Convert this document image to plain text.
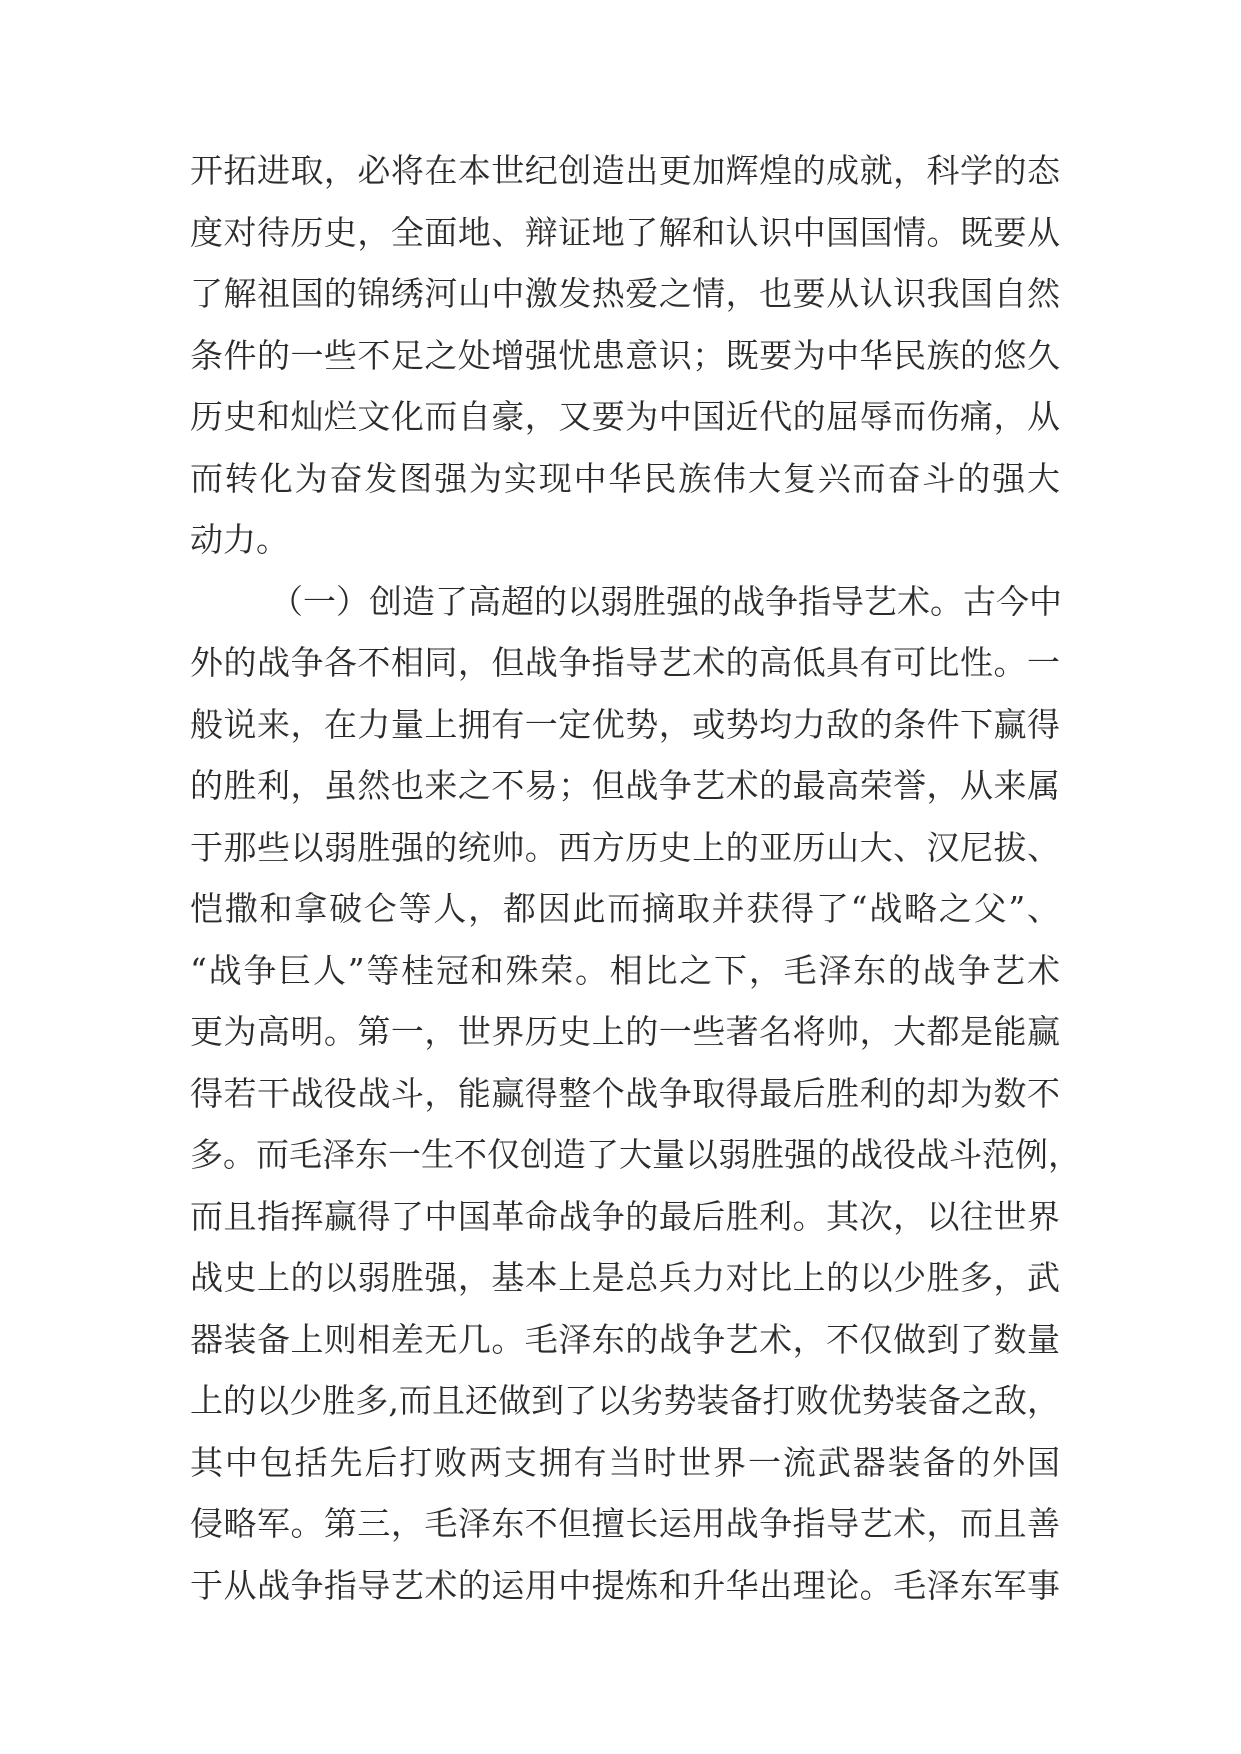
开拓进取，必将在本世纪创造出更加辉煌的成就，科学的态
度对待历史，全面地、辩证地了解和认识中国国情。既要从
了解祖国的锦绣河山中激发热爱之情，也要从认识我国自然
条件的一些不足之处增强忧患意识；既要为中华民族的悠久
历史和灿烂文化而自豪，又要为中国近代的屈辱而伤痛，从
而转化为奋发图强为实现中华民族伟大复兴而奋斗的强大
动力。
（一）创造了高超的以弱胜强的战争指导艺术。古今中
外的战争各不相同，但战争指导艺术的高低具有可比性。一
般说来，在力量上拥有一定优势，或势均力敌的条件下赢得
的胜利，虽然也来之不易；但战争艺术的最高荣誉，从来属
于那些以弱胜强的统帅。西方历史上的亚历山大、汉尼拔、
恺撒和拿破仑等人，都因此而摘取并获得了“战略之父”、
“战争巨人”等桂冠和殊荣。相比之下，毛泽东的战争艺术
更为高明。第一，世界历史上的一些著名将帅，大都是能赢
得若干战役战斗，能赢得整个战争取得最后胜利的却为数不
多。而毛泽东一生不仅创造了大量以弱胜强的战役战斗范例，
而且指挥赢得了中国革命战争的最后胜利。其次，以往世界
战史上的以弱胜强，基本上是总兵力对比上的以少胜多，武
器装备上则相差无几。毛泽东的战争艺术，不仅做到了数量
上的以少胜多,而且还做到了以劣势装备打败优势装备之敌，
其中包括先后打败两支拥有当时世界一流武器装备的外国
侵略军。第三，毛泽东不但擅长运用战争指导艺术，而且善
于从战争指导艺术的运用中提炼和升华出理论。毛泽东军事
